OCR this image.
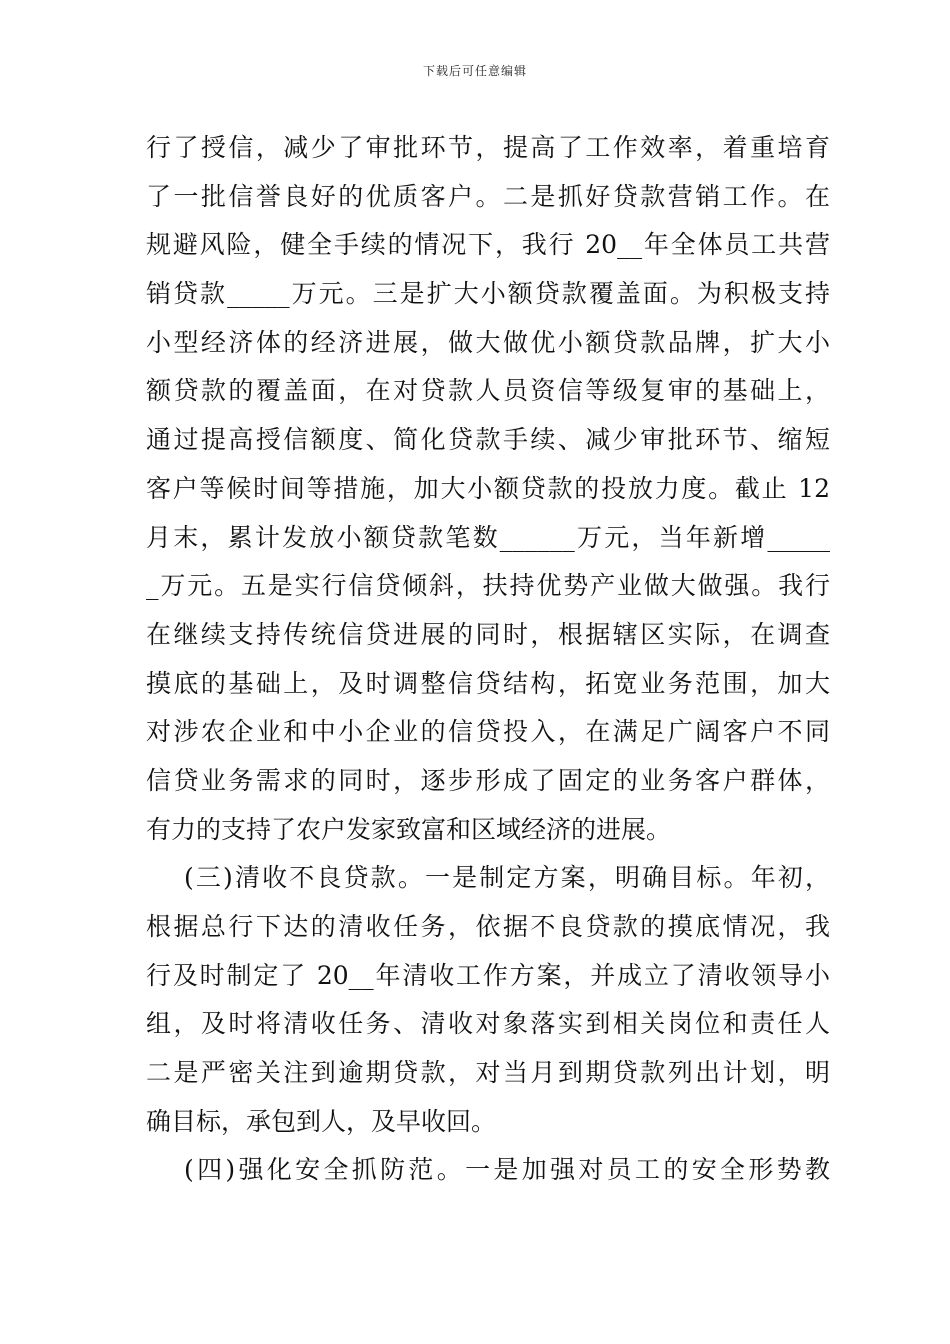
下载后可任意编辑
行了授信，减少了审批环节，提高了工作效率，着重培育
了一批信誉良好的优质客户。二是抓好贷款营销工作。在
规避风险，健全手续的情况下，我行 20__年全体员工共营
销贷款_____万元。三是扩大小额贷款覆盖面。为积极支持
小型经济体的经济进展，做大做优小额贷款品牌，扩大小
额贷款的覆盖面，在对贷款人员资信等级复审的基础上，
通过提高授信额度、简化贷款手续、减少审批环节、缩短
客户等候时间等措施，加大小额贷款的投放力度。截止 12
月末，累计发放小额贷款笔数______万元，当年新增_____
_万元。五是实行信贷倾斜，扶持优势产业做大做强。我行
在继续支持传统信贷进展的同时，根据辖区实际，在调查
摸底的基础上，及时调整信贷结构，拓宽业务范围，加大
对涉农企业和中小企业的信贷投入，在满足广阔客户不同
信贷业务需求的同时，逐步形成了固定的业务客户群体，
有力的支持了农户发家致富和区域经济的进展。
(三)清收不良贷款。一是制定方案，明确目标。年初，
根据总行下达的清收任务，依据不良贷款的摸底情况，我
行及时制定了 20__年清收工作方案，并成立了清收领导小
组，及时将清收任务、清收对象落实到相关岗位和责任人
二是严密关注到逾期贷款，对当月到期贷款列出计划，明
确目标，承包到人，及早收回。
(四)强化安全抓防范。一是加强对员工的安全形势教
